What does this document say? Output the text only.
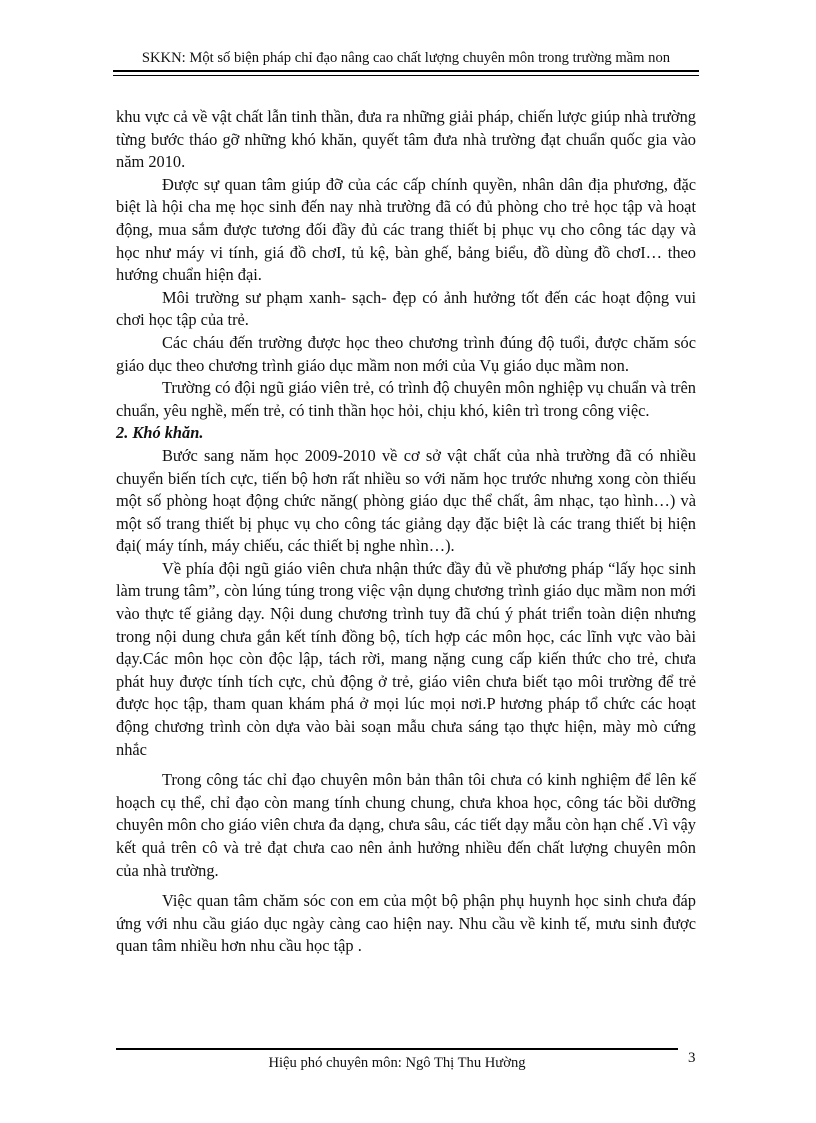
SKKN: Một số biện pháp chỉ đạo nâng cao chất lượng chuyên môn trong trường mầm non

khu vực cả về vật chất lẫn tinh thần, đưa ra những giải pháp, chiến lược giúp nhà trường từng bước tháo gỡ những khó khăn, quyết tâm đưa nhà trường đạt chuẩn quốc gia vào năm 2010.

Được sự quan tâm giúp đỡ của các cấp chính quyền, nhân dân địa phương, đặc biệt là hội cha mẹ học sinh đến nay nhà trường đã có đủ phòng cho trẻ học tập và hoạt động, mua sắm được tương đối đầy đủ các trang thiết bị phục vụ cho công tác dạy và học như máy vi tính, giá đồ chơI, tủ kệ, bàn ghế, bảng biểu, đồ dùng đồ chơI… theo hướng chuẩn hiện đại.

Môi trường sư phạm xanh- sạch- đẹp có ảnh hưởng tốt đến các hoạt động vui chơi học tập của trẻ.

Các cháu đến trường được học theo chương trình đúng độ tuổi, được chăm sóc giáo dục theo chương trình giáo dục mầm non mới của Vụ giáo dục mầm non.

Trường có đội ngũ giáo viên trẻ, có trình độ chuyên môn nghiệp vụ chuẩn và trên chuẩn, yêu nghề, mến trẻ, có tinh thần học hỏi, chịu khó, kiên trì trong công việc.

2. Khó khăn.

Bước sang năm học 2009-2010 về cơ sở vật chất của nhà trường đã có nhiều chuyển biến tích cực, tiến bộ hơn rất nhiều so với năm học trước nhưng xong còn thiếu một số phòng hoạt động chức năng( phòng giáo dục thể chất, âm nhạc, tạo hình…) và một số trang thiết bị phục vụ cho công tác giảng dạy đặc biệt là các trang thiết bị hiện đại( máy tính, máy chiếu, các thiết bị nghe nhìn…).

Về phía đội ngũ giáo viên chưa nhận thức đầy đủ về phương pháp “lấy học sinh làm trung tâm”, còn lúng túng trong việc vận dụng chương trình giáo dục mầm non mới vào thực tế giảng dạy. Nội dung chương trình tuy đã chú ý phát triển toàn diện nhưng trong nội dung chưa gắn kết tính đồng bộ, tích hợp các môn học, các lĩnh vực vào bài dạy.Các môn học còn độc lập, tách rời, mang nặng cung cấp kiến thức cho trẻ, chưa phát huy được tính tích cực, chủ động ở trẻ, giáo viên chưa biết tạo môi trường để trẻ được học tập, tham quan khám phá ở mọi lúc mọi nơi.P hương pháp tổ chức các hoạt động chương trình còn dựa vào bài soạn mẫu chưa sáng tạo thực hiện, mày mò cứng nhắc

Trong công tác chỉ đạo chuyên môn bản thân tôi chưa có kinh nghiệm để lên kế hoạch cụ thể, chỉ đạo còn mang tính chung chung, chưa khoa học, công tác bồi dưỡng chuyên môn cho giáo viên chưa đa dạng, chưa sâu, các tiết dạy mẫu còn hạn chế .Vì vậy kết quả trên cô và trẻ đạt chưa cao nên ảnh hưởng nhiều đến chất lượng chuyên môn của nhà trường.

Việc quan tâm chăm sóc con em của một bộ phận phụ huynh học sinh chưa đáp ứng với nhu cầu giáo dục ngày càng cao hiện nay. Nhu cầu về kinh tế, mưu sinh được quan tâm nhiều hơn nhu cầu học tập .

Hiệu phó chuyên môn: Ngô Thị Thu Hường	3
